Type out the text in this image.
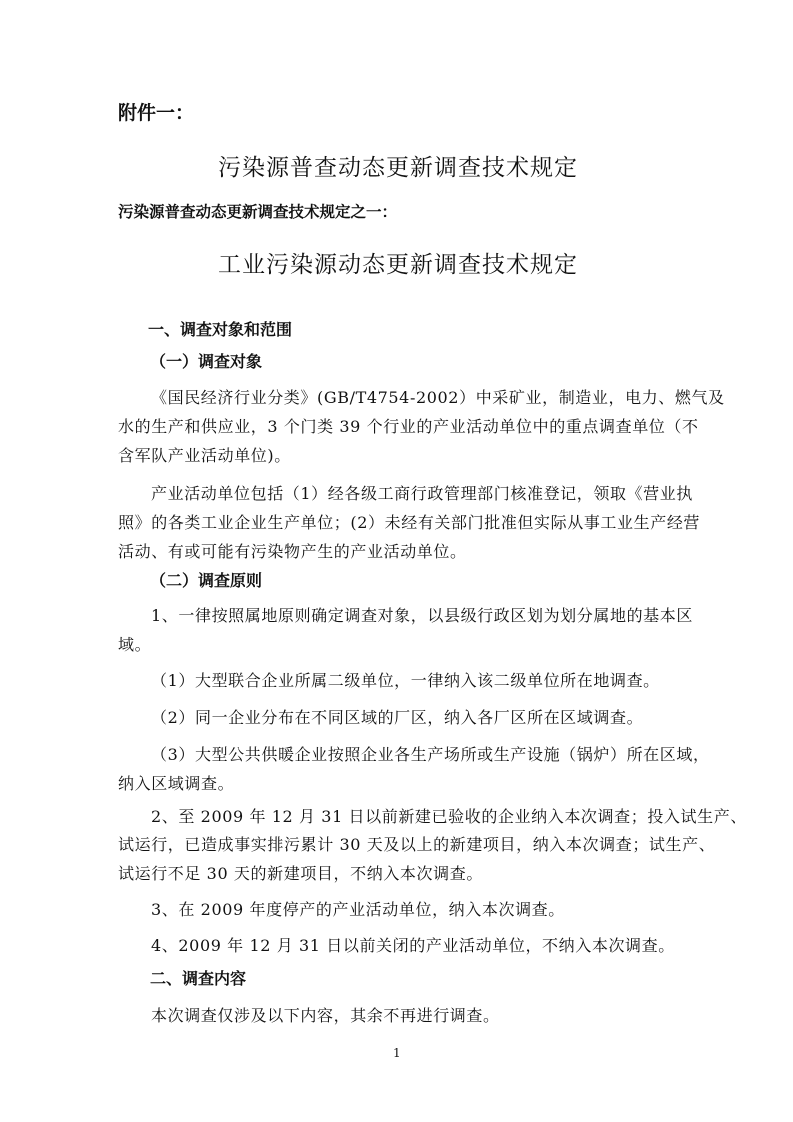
附件一：
污染源普查动态更新调查技术规定
污染源普查动态更新调查技术规定之一：
工业污染源动态更新调查技术规定
一、调查对象和范围
（一）调查对象
《国民经济行业分类》(GB/T4754-2002）中采矿业，制造业，电力、燃气及
水的生产和供应业，3 个门类 39 个行业的产业活动单位中的重点调查单位（不
含军队产业活动单位)。
产业活动单位包括（1）经各级工商行政管理部门核准登记，领取《营业执
照》的各类工业企业生产单位；(2）未经有关部门批准但实际从事工业生产经营
活动、有或可能有污染物产生的产业活动单位。
（二）调查原则
1、一律按照属地原则确定调查对象，以县级行政区划为划分属地的基本区
域。
（1）大型联合企业所属二级单位，一律纳入该二级单位所在地调查。
（2）同一企业分布在不同区域的厂区，纳入各厂区所在区域调查。
（3）大型公共供暖企业按照企业各生产场所或生产设施（锅炉）所在区域，
纳入区域调查。
2、至 2009 年 12 月 31 日以前新建已验收的企业纳入本次调查；投入试生产、
试运行，已造成事实排污累计 30 天及以上的新建项目，纳入本次调查；试生产、
试运行不足 30 天的新建项目，不纳入本次调查。
3、在 2009 年度停产的产业活动单位，纳入本次调查。
4、2009 年 12 月 31 日以前关闭的产业活动单位，不纳入本次调查。
二、调查内容
本次调查仅涉及以下内容，其余不再进行调查。
1
